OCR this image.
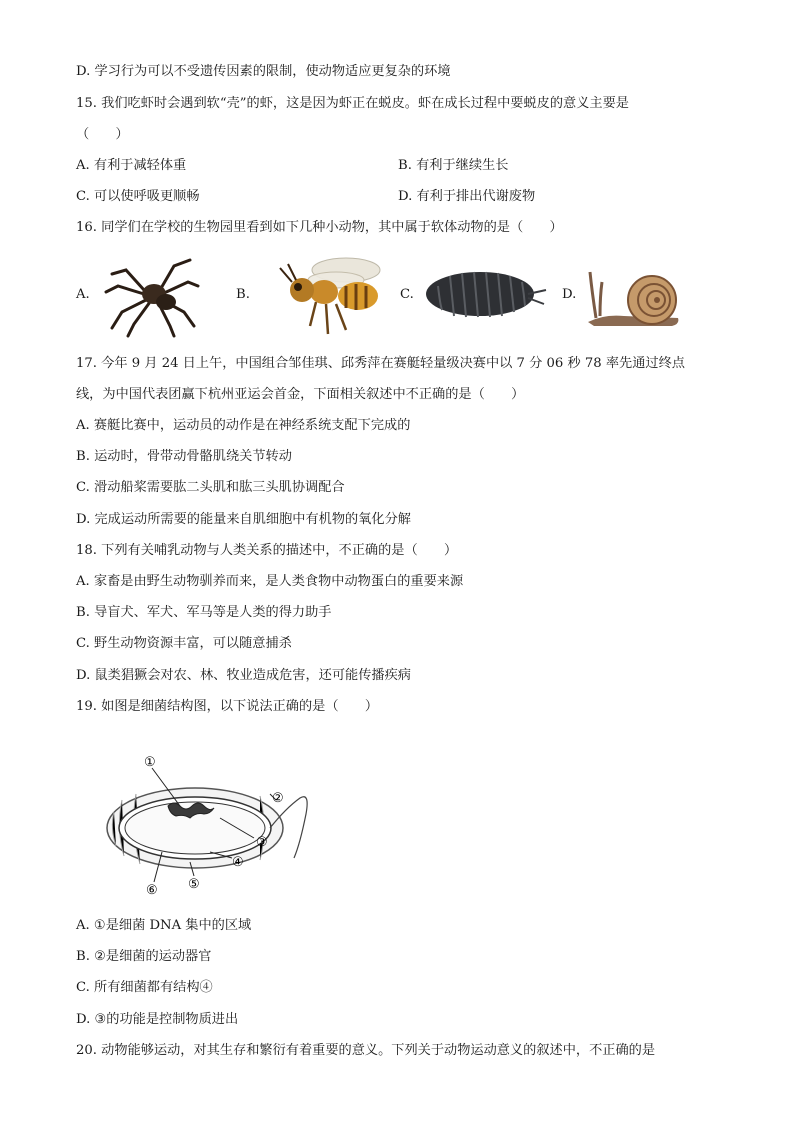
D. 学习行为可以不受遗传因素的限制，使动物适应更复杂的环境
15. 我们吃虾时会遇到软“壳”的虾，这是因为虾正在蜕皮。虾在成长过程中要蜕皮的意义主要是
（　　）
A. 有利于减轻体重	B. 有利于继续生长
C. 可以使呼吸更顺畅	D. 有利于排出代谢废物
16. 同学们在学校的生物园里看到如下几种小动物，其中属于软体动物的是（　　）
A.	B.	C.	D.
17. 今年 9 月 24 日上午，中国组合邹佳琪、邱秀萍在赛艇轻量级决赛中以 7 分 06 秒 78 率先通过终点
线，为中国代表团赢下杭州亚运会首金，下面相关叙述中不正确的是（　　）
A. 赛艇比赛中，运动员的动作是在神经系统支配下完成的
B. 运动时，骨带动骨骼肌绕关节转动
C. 滑动船桨需要肱二头肌和肱三头肌协调配合
D. 完成运动所需要的能量来自肌细胞中有机物的氧化分解
18. 下列有关哺乳动物与人类关系的描述中，不正确的是（　　）
A. 家畜是由野生动物驯养而来，是人类食物中动物蛋白的重要来源
B. 导盲犬、军犬、军马等是人类的得力助手
C. 野生动物资源丰富，可以随意捕杀
D. 鼠类猖獗会对农、林、牧业造成危害，还可能传播疾病
19. 如图是细菌结构图，以下说法正确的是（　　）
①
②
③
④
⑤
⑥
A. ①是细菌 DNA 集中的区域
B. ②是细菌的运动器官
C. 所有细菌都有结构④
D. ③的功能是控制物质进出
20. 动物能够运动，对其生存和繁衍有着重要的意义。下列关于动物运动意义的叙述中，不正确的是
